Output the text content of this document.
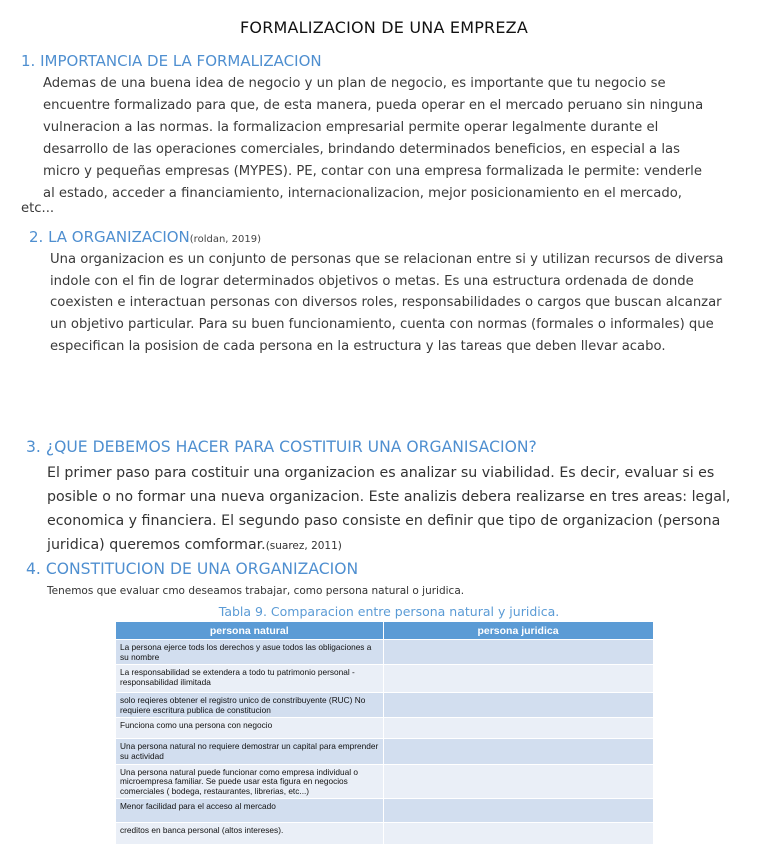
FORMALIZACION DE UNA EMPREZA
1. IMPORTANCIA DE LA FORMALIZACION
Ademas de una buena idea de negocio y un plan de negocio, es importante que tu negocio se
encuentre formalizado para que, de esta manera, pueda operar en el mercado peruano sin ninguna
vulneracion a las normas. la formalizacion empresarial permite operar legalmente durante el
desarrollo de las operaciones comerciales, brindando determinados beneficios, en especial a las
micro y pequeñas empresas (MYPES). PE, contar con una empresa formalizada le permite: venderle
al estado, acceder a financiamiento, internacionalizacion, mejor posicionamiento en el mercado,
etc...
2. LA ORGANIZACION(roldan, 2019)
Una organizacion es un conjunto de personas que se relacionan entre si y utilizan recursos de diversa
indole con el fin de lograr determinados objetivos o metas. Es una estructura ordenada de donde
coexisten e interactuan personas con diversos roles, responsabilidades o cargos que buscan alcanzar
un objetivo particular. Para su buen funcionamiento, cuenta con normas (formales o informales) que
especifican la posision de cada persona en la estructura y las tareas que deben llevar acabo.
3. ¿QUE DEBEMOS HACER PARA COSTITUIR UNA ORGANISACION?
El primer paso para costituir una organizacion es analizar su viabilidad. Es decir, evaluar si es
posible o no formar una nueva organizacion. Este analizis debera realizarse en tres areas: legal,
economica y financiera. El segundo paso consiste en definir que tipo de organizacion (persona
juridica) queremos comformar.(suarez, 2011)
4. CONSTITUCION DE UNA ORGANIZACION
Tenemos que evaluar cmo deseamos trabajar, como persona natural o juridica.
Tabla 9. Comparacion entre persona natural y juridica.
persona natural	persona juridica
La persona ejerce tods los derechos y asue todos las obligaciones a su nombre	
La responsabilidad se extendera a todo tu patrimonio personal - responsabilidad ilimitada	
solo reqieres obtener el registro unico de constribuyente (RUC) No requiere escritura publica de constitucion	
Funciona como una persona con negocio	
Una persona natural no requiere demostrar un capital para emprender su actividad	
Una persona natural puede funcionar como empresa individual o microempresa familiar. Se puede usar esta figura en negocios comerciales ( bodega, restaurantes, librerias, etc...)	
Menor facilidad para el acceso al mercado	
creditos en banca personal (altos intereses).	
